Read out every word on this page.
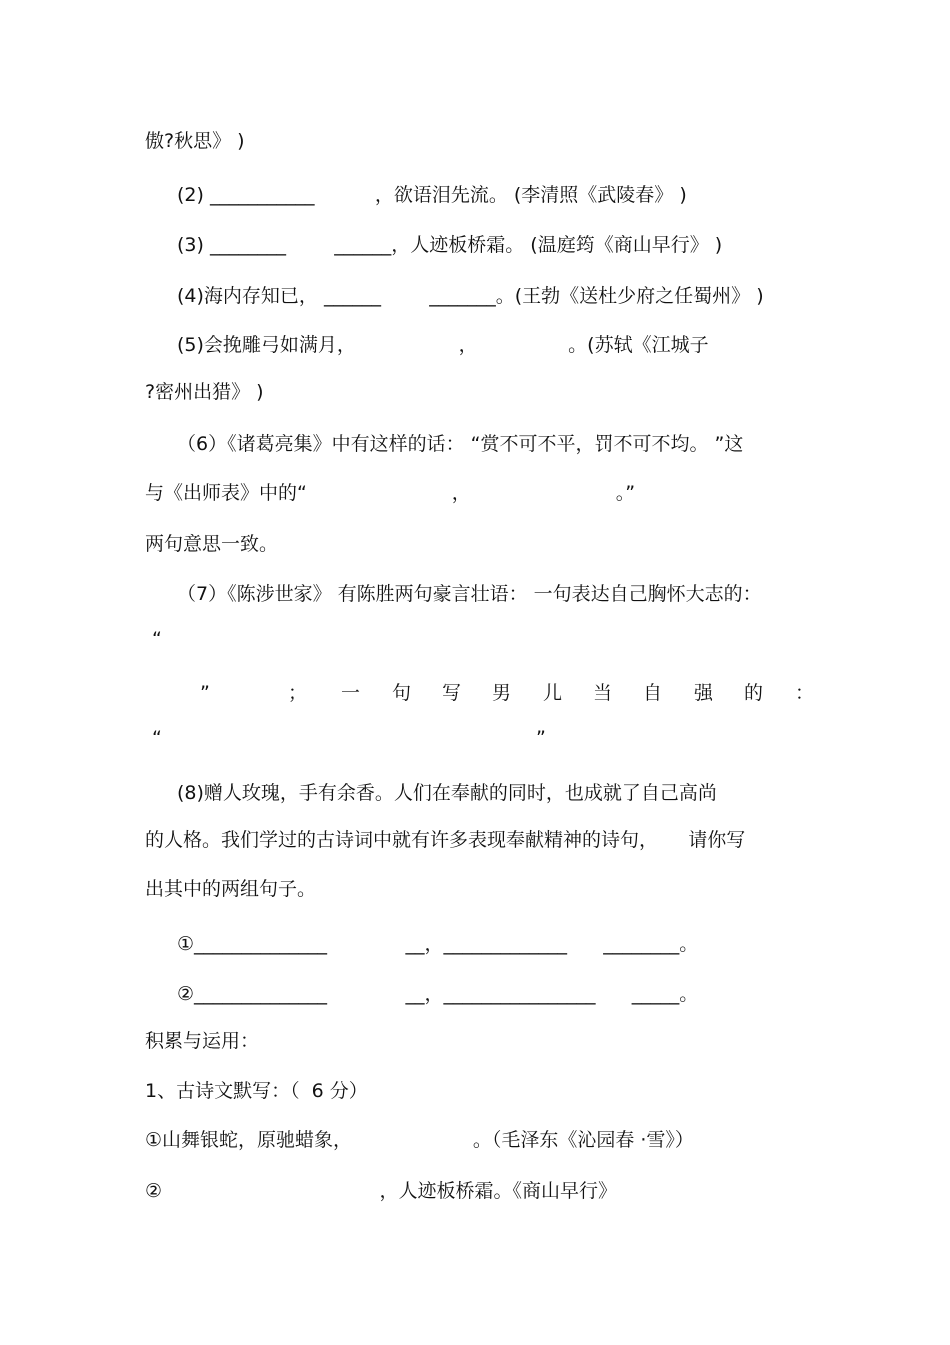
傲?秋思》 )
(2) ___________          ，欲语泪先流。 (李清照《武陵春》 )
(3) ________        ______，人迹板桥霜。 (温庭筠《商山早行》 )
(4)海内存知已， ______        _______。(王勃《送杜少府之任蜀州》 )
(5)会挽雕弓如满月，                 ，               。(苏轼《江城子
?密州出猎》 )
（6）《诸葛亮集》中有这样的话： “赏不可不平，罚不可不均。 ”这
与《出师表》中的“                        ，                        。”
两句意思一致。
（7）《陈涉世家》 有陈胜两句豪言壮语： 一句表达自己胸怀大志的：
“
”	； 一 句 写 男 儿 当 自 强 的 ：
“	”
(8)赠人玫瑰，手有余香。人们在奉献的同时，也成就了自己高尚
的人格。我们学过的古诗词中就有许多表现奉献精神的诗句，     请你写
出其中的两组句子。
①______________             __，_____________      ________。
②______________             __，________________      _____。
积累与运用：
1、古诗文默写：（  6 分）
①山舞银蛇，原驰蜡象，                    。（毛泽东《沁园春 ·雪》）
②                                    ，人迹板桥霜。《商山早行》
